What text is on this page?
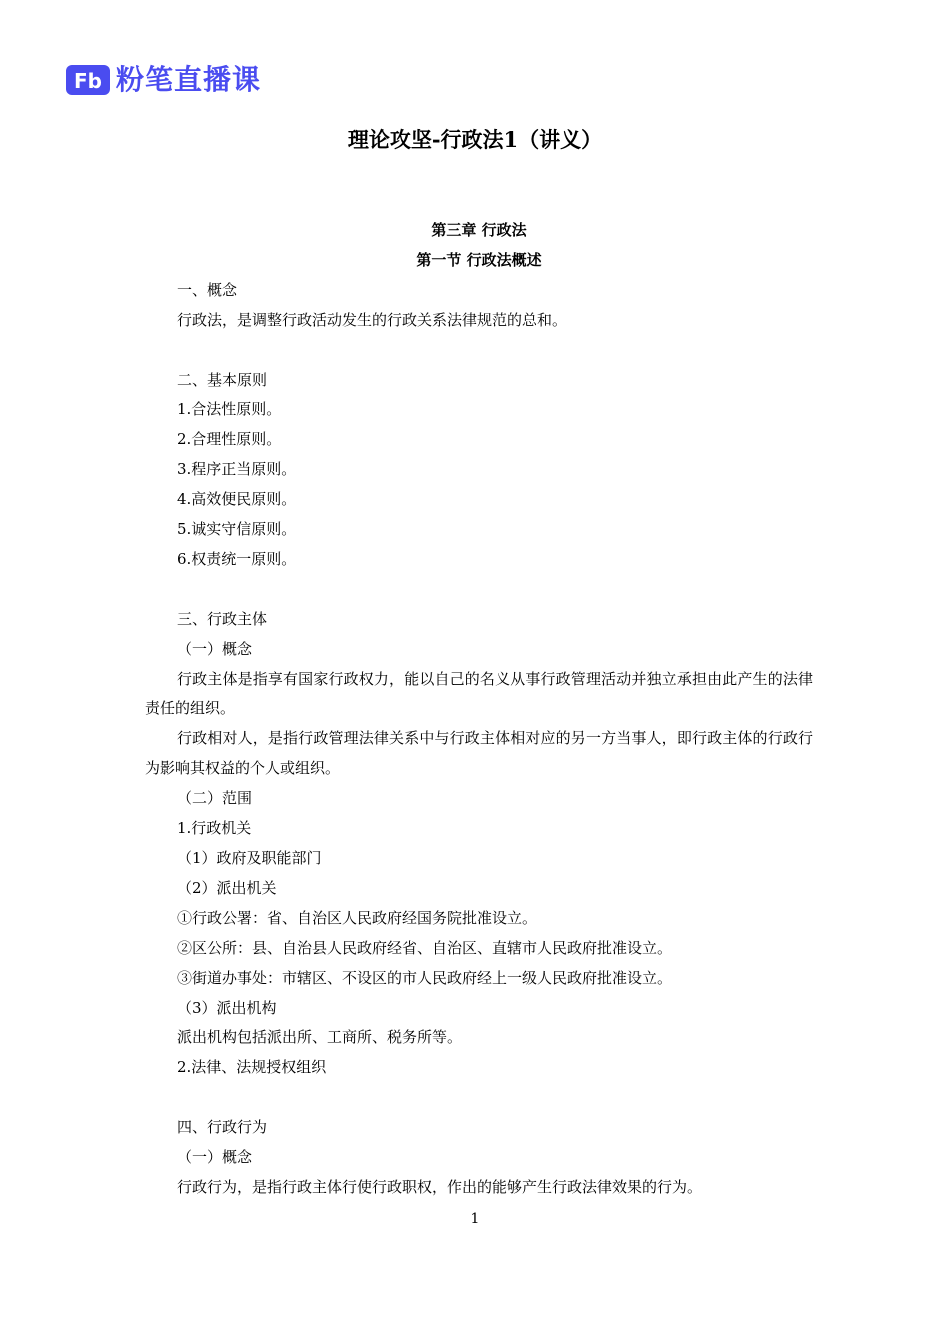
Fb 粉笔直播课
理论攻坚-行政法1（讲义）

第三章 行政法

第一节 行政法概述

一、概念

行政法，是调整行政活动发生的行政关系法律规范的总和。

二、基本原则

1.合法性原则。

2.合理性原则。

3.程序正当原则。

4.高效便民原则。

5.诚实守信原则。

6.权责统一原则。

三、行政主体

（一）概念

行政主体是指享有国家行政权力，能以自己的名义从事行政管理活动并独立承担由此产生的法律责任的组织。

行政相对人，是指行政管理法律关系中与行政主体相对应的另一方当事人，即行政主体的行政行为影响其权益的个人或组织。

（二）范围

1.行政机关

（1）政府及职能部门

（2）派出机关

①行政公署：省、自治区人民政府经国务院批准设立。

②区公所：县、自治县人民政府经省、自治区、直辖市人民政府批准设立。

③街道办事处：市辖区、不设区的市人民政府经上一级人民政府批准设立。

（3）派出机构

派出机构包括派出所、工商所、税务所等。

2.法律、法规授权组织

四、行政行为

（一）概念

行政行为，是指行政主体行使行政职权，作出的能够产生行政法律效果的行为。

1
